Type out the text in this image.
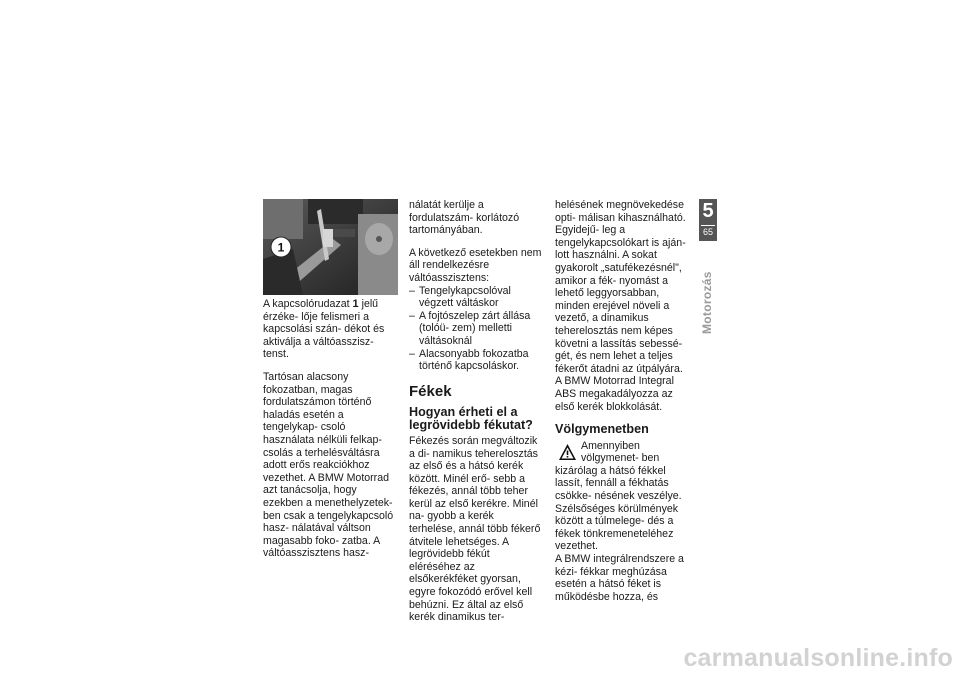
1

A kapcsolórudazat 1 jelű érzéke- lője felismeri a kapcsolási szán- dékot és aktiválja a váltóasszisz- tenst.

Tartósan alacsony fokozatban, magas fordulatszámon történő haladás esetén a tengelykap- csoló használata nélküli felkap- csolás a terhelésváltásra adott erős reakciókhoz vezethet. A BMW Motorrad azt tanácsolja, hogy ezekben a menethelyzetek- ben csak a tengelykapcsoló hasz- nálatával váltson magasabb foko- zatba. A váltóasszisztens hasz-

nálatát kerülje a fordulatszám- korlátozó tartományában.

A következő esetekben nem áll rendelkezésre váltóasszisztens:

– Tengelykapcsolóval végzett váltáskor
– A fojtószelep zárt állása (tolóü- zem) melletti váltásoknál
– Alacsonyabb fokozatba történő kapcsoláskor.
Fékek
Hogyan érheti el a legrövidebb fékutat?

Fékezés során megváltozik a di- namikus teherelosztás az első és a hátsó kerék között. Minél erő- sebb a fékezés, annál több teher kerül az első kerékre. Minél na- gyobb a kerék terhelése, annál több fékerő átvitele lehetséges. A legrövidebb fékút eléréséhez az elsőkerékféket gyorsan, egyre fokozódó erővel kell behúzni. Ez által az első kerék dinamikus ter-

helésének megnövekedése opti- málisan kihasználható. Egyidejű- leg a tengelykapcsolókart is aján- lott használni. A sokat gyakorolt „satufékezésnél", amikor a fék- nyomást a lehető leggyorsabban, minden erejével növeli a vezető, a dinamikus teherelosztás nem képes követni a lassítás sebessé- gét, és nem lehet a teljes fékerőt átadni az útpályára.

A BMW Motorrad Integral ABS megakadályozza az első kerék blokkolását.

Völgymenetben

Amennyiben völgymenet- ben kizárólag a hátsó fékkel lassít, fennáll a fékhatás csökke- nésének veszélye. Szélsőséges körülmények között a túlmelege- dés a fékek tönkremeneteléhez vezethet.

A BMW integrálrendszere a kézi- fékkar meghúzása esetén a hátsó féket is működésbe hozza, és

5
65
Motorozás
carmanualsonline.info
